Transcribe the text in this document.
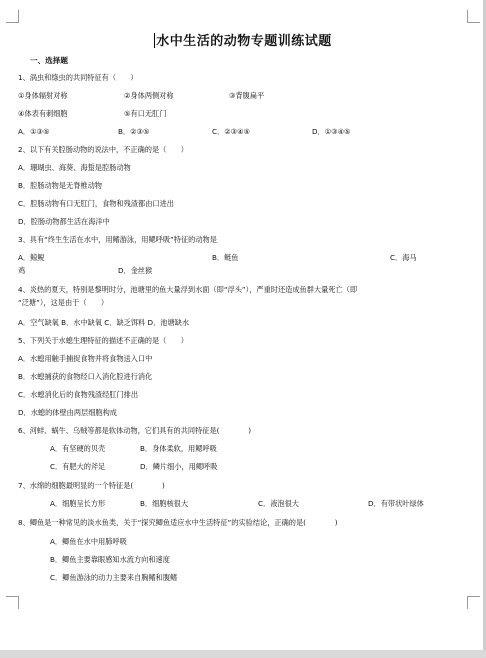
水中生活的动物专题训练试题
一、选择题
1、涡虫和绦虫的共同特征有（　　）
①身体辐射对称	②身体两侧对称	③背腹扁平
④体表有刺细胞	⑤有口无肛门
A．①③⑤	B．②③⑤	C．②③④⑤	D．①③④⑤
2、以下有关腔肠动物的说法中，不正确的是（　　）
A．珊瑚虫、海葵、海蜇是腔肠动物
B．腔肠动物是无脊椎动物
C．腔肠动物有口无肛门，食物和残渣都由口进出
D．腔肠动物都生活在海洋中
3、具有“终生生活在水中，用鳍游泳，用鳃呼吸”特征的动物是
A．鲸鲵	B．鲢鱼	C．海马
鸡	D．金丝猴
4、炎热的夏天，特别是黎明时分，池塘里的鱼大量浮到水面（即“浮头”），严重时还造成鱼群大量死亡（即
“泛塘”），这是由于（　　）
A．空气缺氧 B．水中缺氧 C．缺乏饵料 D．池塘缺水
5、下列关于水螅生理特征的描述不正确的是（　　）
A．水螅用触手捕捉食物并将食物送入口中
B．水螅捕获的食物经口入消化腔进行消化
C．水螅消化后的食物残渣经肛门排出
D．水螅的体壁由两层细胞构成
6、河蚌、蜗牛、乌贼等都是软体动物，它们具有的共同特征是(　　　　)
A．有坚硬的贝壳	B．身体柔软，用鳃呼吸
C．有肥大的斧足	D．鳞片细小，用鳃呼吸
7、水绵的细胞最明显的一个特征是(　　　　)
A．细胞呈长方形	B．细胞核很大	C．液泡很大	D．有带状叶绿体
8、鲫鱼是一种常见的淡水鱼类，关于“探究鲫鱼适应水中生活特征”的实验结论，正确的是(　　　　)
A．鲫鱼在水中用肺呼吸
B．鲫鱼主要靠眼感知水流方向和速度
C．鲫鱼游泳的动力主要来自胸鳍和腹鳍
